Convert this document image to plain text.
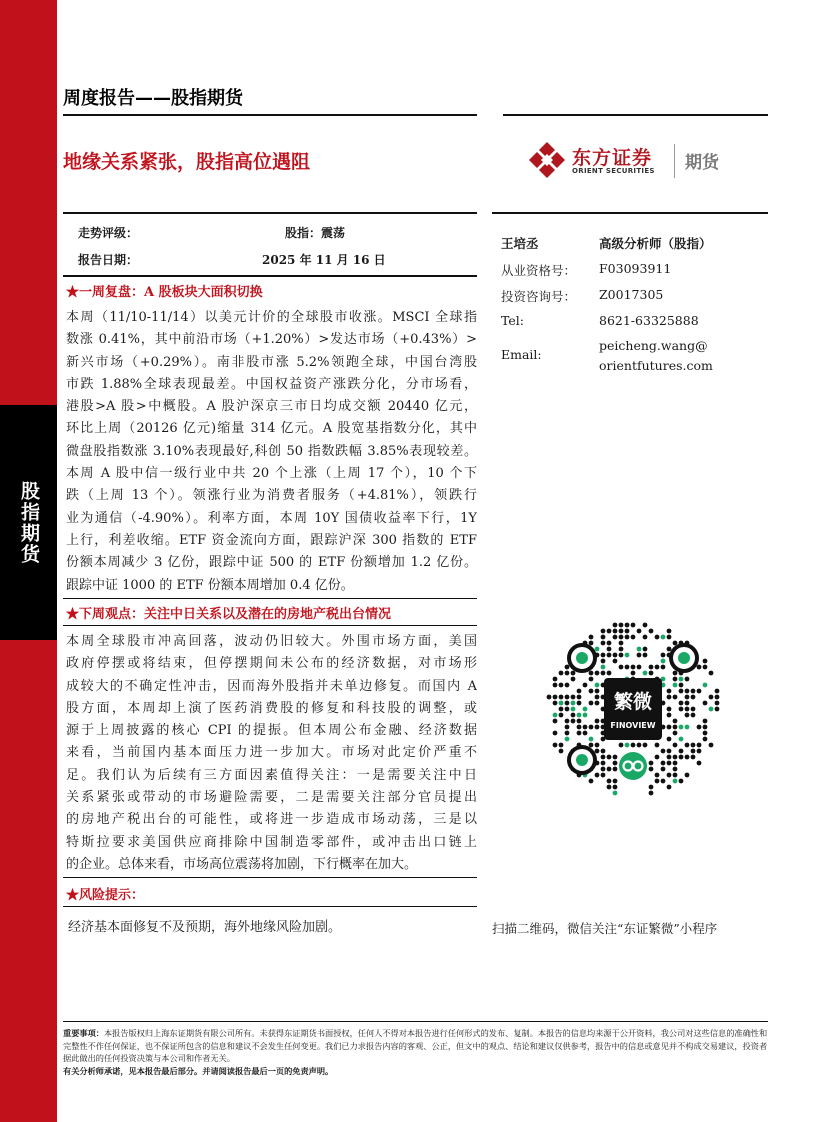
股指期货
周度报告——股指期货
地缘关系紧张，股指高位遇阻	东方证券
ORIENT SECURITIES 期货
走势评级：	股指：震荡
报告日期：	2025 年 11 月 16 日
王培丞	高级分析师（股指）
从业资格号： F03093911
投资咨询号： Z0017305
Tel:	8621-63325888
Email:
peicheng.wang@
orientfutures.com
★一周复盘：A 股板块大面积切换
本周（11/10-11/14）以美元计价的全球股市收涨。MSCI 全球指
数涨 0.41%，其中前沿市场（+1.20%）>发达市场（+0.43%）>
新兴市场（+0.29%）。南非股市涨 5.2%领跑全球，中国台湾股
市跌 1.88%全球表现最差。中国权益资产涨跌分化，分市场看，
港股>A 股>中概股。A 股沪深京三市日均成交额 20440 亿元，
环比上周（20126 亿元)缩量 314 亿元。A 股宽基指数分化，其中
微盘股指数涨 3.10%表现最好,科创 50 指数跌幅 3.85%表现较差。
本周 A 股中信一级行业中共 20 个上涨（上周 17 个），10 个下
跌（上周 13 个）。领涨行业为消费者服务（+4.81%），领跌行
业为通信（-4.90%）。利率方面，本周 10Y 国债收益率下行，1Y
上行，利差收缩。ETF 资金流向方面，跟踪沪深 300 指数的 ETF
份额本周减少 3 亿份，跟踪中证 500 的 ETF 份额增加 1.2 亿份。
跟踪中证 1000 的 ETF 份额本周增加 0.4 亿份。
★下周观点：关注中日关系以及潜在的房地产税出台情况
本周全球股市冲高回落，波动仍旧较大。外围市场方面，美国
政府停摆或将结束，但停摆期间未公布的经济数据，对市场形
成较大的不确定性冲击，因而海外股指并未单边修复。而国内 A
股方面，本周却上演了医药消费股的修复和科技股的调整，或
源于上周披露的核心 CPI 的提振。但本周公布金融、经济数据
来看，当前国内基本面压力进一步加大。市场对此定价严重不
足。我们认为后续有三方面因素值得关注：一是需要关注中日
关系紧张或带动的市场避险需要，二是需要关注部分官员提出
的房地产税出台的可能性，或将进一步造成市场动荡，三是以
特斯拉要求美国供应商排除中国制造零部件，或冲击出口链上
的企业。总体来看，市场高位震荡将加剧，下行概率在加大。
★风险提示：
经济基本面修复不及预期，海外地缘风险加剧。
繁微
FINOVIEW
扫描二维码，微信关注“东证繁微”小程序
重要事项：本报告版权归上海东证期货有限公司所有。未获得东证期货书面授权，任何人不得对本报告进行任何形式的发布、复制。本报告的信息均来源于公开资料，我公司对这些信息的准确性和完整性不作任何保证，也不保证所包含的信息和建议不会发生任何变更。我们已力求报告内容的客观、公正，但文中的观点、结论和建议仅供参考，报告中的信息或意见并不构成交易建议，投资者据此做出的任何投资决策与本公司和作者无关。
有关分析师承诺，见本报告最后部分。并请阅读报告最后一页的免责声明。
